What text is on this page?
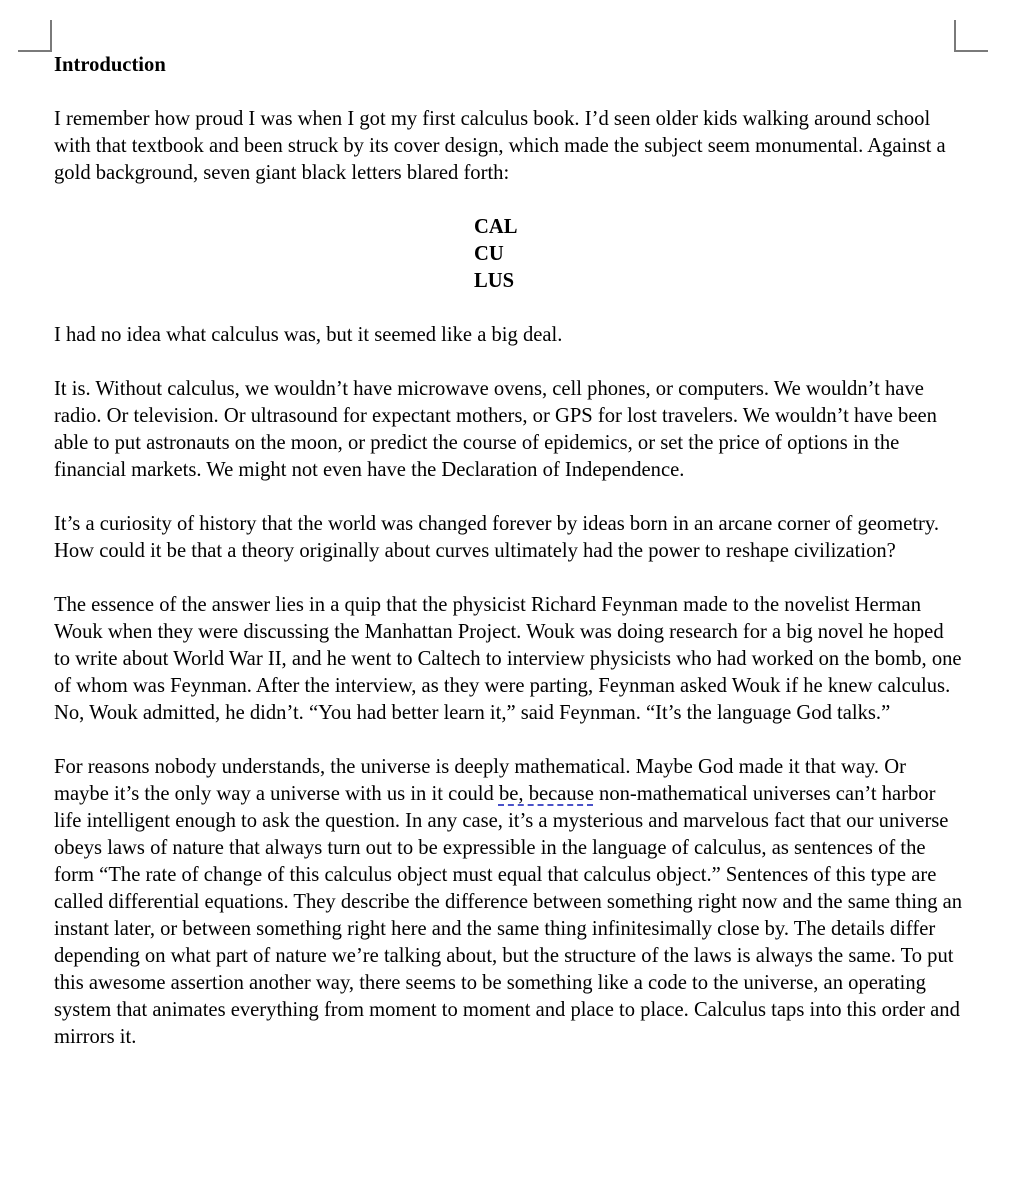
Introduction
I remember how proud I was when I got my first calculus book. I’d seen older kids walking around school with that textbook and been struck by its cover design, which made the subject seem monumental. Against a gold background, seven giant black letters blared forth:
CAL
CU
LUS
I had no idea what calculus was, but it seemed like a big deal.
It is. Without calculus, we wouldn’t have microwave ovens, cell phones, or computers. We wouldn’t have radio. Or television. Or ultrasound for expectant mothers, or GPS for lost travelers. We wouldn’t have been able to put astronauts on the moon, or predict the course of epidemics, or set the price of options in the financial markets. We might not even have the Declaration of Independence.
It’s a curiosity of history that the world was changed forever by ideas born in an arcane corner of geometry. How could it be that a theory originally about curves ultimately had the power to reshape civilization?
The essence of the answer lies in a quip that the physicist Richard Feynman made to the novelist Herman Wouk when they were discussing the Manhattan Project. Wouk was doing research for a big novel he hoped to write about World War II, and he went to Caltech to interview physicists who had worked on the bomb, one of whom was Feynman. After the interview, as they were parting, Feynman asked Wouk if he knew calculus. No, Wouk admitted, he didn’t. “You had better learn it,” said Feynman. “It’s the language God talks.”
For reasons nobody understands, the universe is deeply mathematical. Maybe God made it that way. Or maybe it’s the only way a universe with us in it could be, because non-mathematical universes can’t harbor life intelligent enough to ask the question. In any case, it’s a mysterious and marvelous fact that our universe obeys laws of nature that always turn out to be expressible in the language of calculus, as sentences of the form “The rate of change of this calculus object must equal that calculus object.” Sentences of this type are called differential equations. They describe the difference between something right now and the same thing an instant later, or between something right here and the same thing infinitesimally close by. The details differ depending on what part of nature we’re talking about, but the structure of the laws is always the same. To put this awesome assertion another way, there seems to be something like a code to the universe, an operating system that animates everything from moment to moment and place to place. Calculus taps into this order and mirrors it.
